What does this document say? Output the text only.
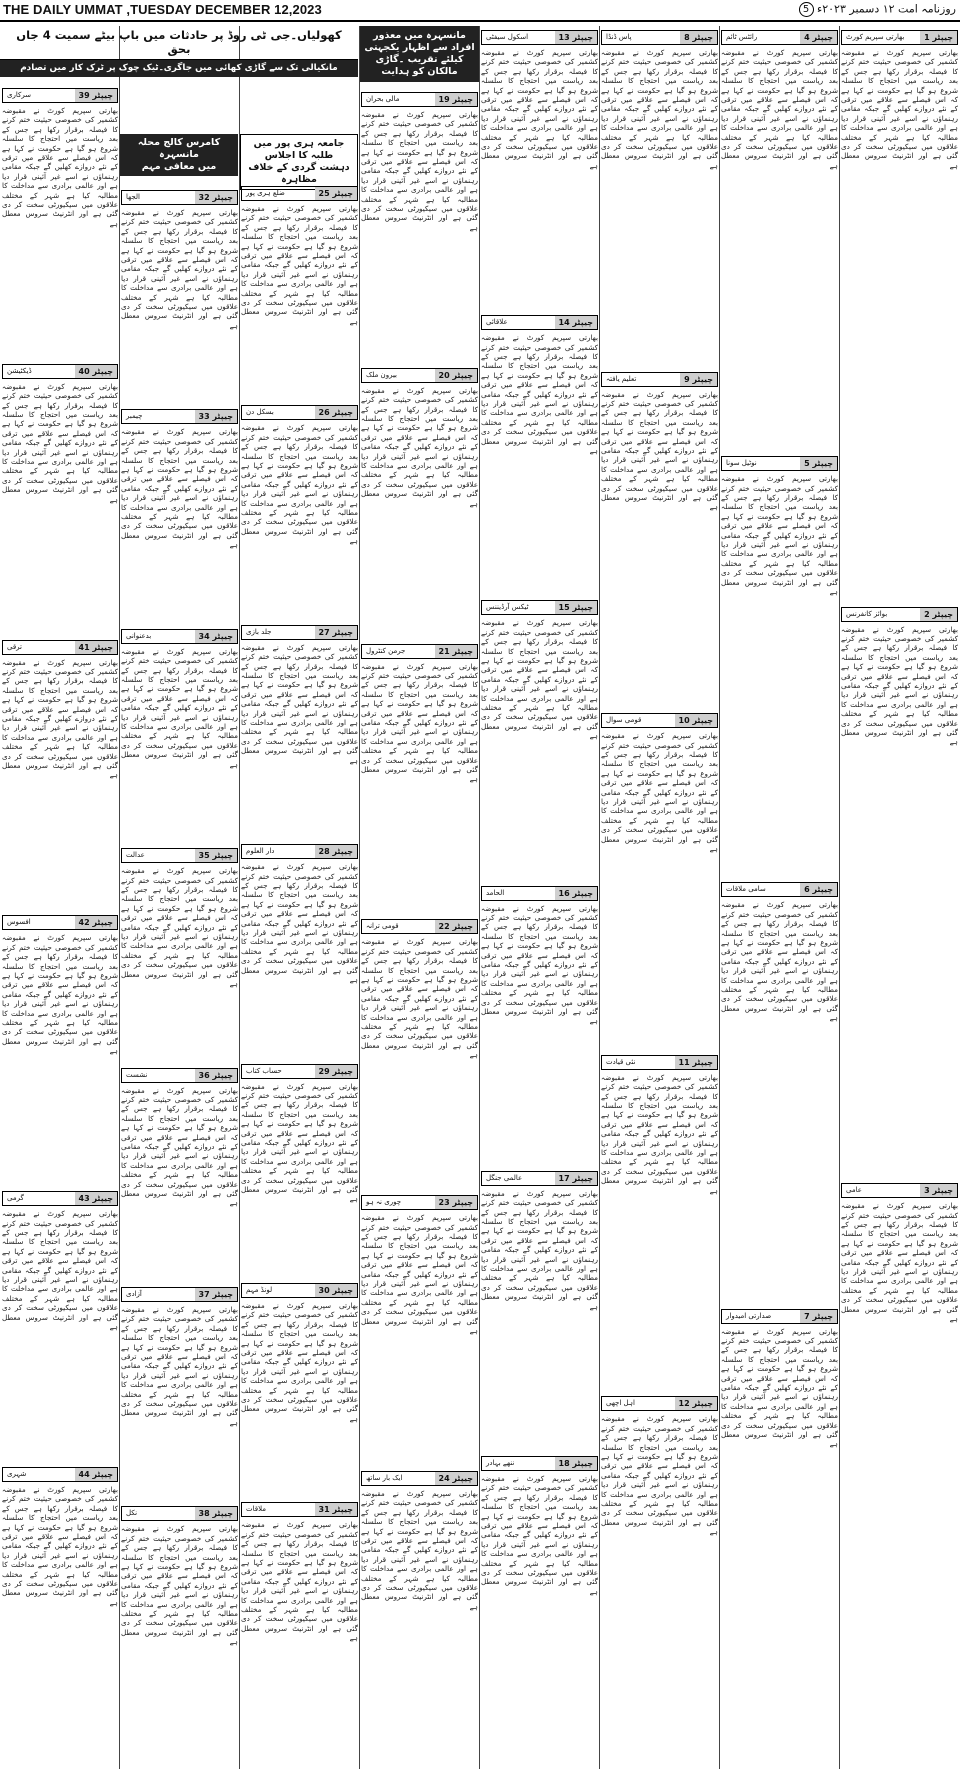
THE DAILY UMMAT ,TUESDAY DECEMBER 12,2023	روزنامہ امت ۱۲ دسمبر ۲۰۲۳ء 5
کھولیاں۔جی ٹی روڈ پر حادثات میں باپ بیٹے سمیت 4 جاں بحق
مانکیالی تک سے گاڑی کھائی میں جاگری۔ٹیک چوک پر ٹرک کار میں تصادم
مانسہرہ میں معذور افراد سے اظہار یکجہتی
کیلئے تقریب ۔گاڑی مالکان کو ہدایت
کامرس کالج محلہ مانسہرہ
میں معافی مہم
جامعہ ہری پور میں طلبہ کا اجلاس
دہشت گردی کے خلاف مظاہرہ
چیپٹر 1
بھارتی سپریم کورٹ
بھارتی سپریم کورٹ نے مقبوضہ کشمیر کی خصوصی حیثیت ختم کرنے کا فیصلہ برقرار رکھا ہے جس کے بعد ریاست میں احتجاج کا سلسلہ شروع ہو گیا ہے حکومت نے کہا ہے کہ اس فیصلے سے علاقے میں ترقی کے نئے دروازے کھلیں گے جبکہ مقامی رہنماؤں نے اسے غیر آئینی قرار دیا ہے اور عالمی برادری سے مداخلت کا مطالبہ کیا ہے شہر کے مختلف علاقوں میں سیکیورٹی سخت کر دی گئی ہے اور انٹرنیٹ سروس معطل ہے
چیپٹر 2
بوائز کانفرنس
بھارتی سپریم کورٹ نے مقبوضہ کشمیر کی خصوصی حیثیت ختم کرنے کا فیصلہ برقرار رکھا ہے جس کے بعد ریاست میں احتجاج کا سلسلہ شروع ہو گیا ہے حکومت نے کہا ہے کہ اس فیصلے سے علاقے میں ترقی کے نئے دروازے کھلیں گے جبکہ مقامی رہنماؤں نے اسے غیر آئینی قرار دیا ہے اور عالمی برادری سے مداخلت کا مطالبہ کیا ہے شہر کے مختلف علاقوں میں سیکیورٹی سخت کر دی گئی ہے اور انٹرنیٹ سروس معطل ہے
چیپٹر 3
عامی
بھارتی سپریم کورٹ نے مقبوضہ کشمیر کی خصوصی حیثیت ختم کرنے کا فیصلہ برقرار رکھا ہے جس کے بعد ریاست میں احتجاج کا سلسلہ شروع ہو گیا ہے حکومت نے کہا ہے کہ اس فیصلے سے علاقے میں ترقی کے نئے دروازے کھلیں گے جبکہ مقامی رہنماؤں نے اسے غیر آئینی قرار دیا ہے اور عالمی برادری سے مداخلت کا مطالبہ کیا ہے شہر کے مختلف علاقوں میں سیکیورٹی سخت کر دی گئی ہے اور انٹرنیٹ سروس معطل ہے
چیپٹر 4
رائٹس ٹائم
بھارتی سپریم کورٹ نے مقبوضہ کشمیر کی خصوصی حیثیت ختم کرنے کا فیصلہ برقرار رکھا ہے جس کے بعد ریاست میں احتجاج کا سلسلہ شروع ہو گیا ہے حکومت نے کہا ہے کہ اس فیصلے سے علاقے میں ترقی کے نئے دروازے کھلیں گے جبکہ مقامی رہنماؤں نے اسے غیر آئینی قرار دیا ہے اور عالمی برادری سے مداخلت کا مطالبہ کیا ہے شہر کے مختلف علاقوں میں سیکیورٹی سخت کر دی گئی ہے اور انٹرنیٹ سروس معطل ہے
چیپٹر 5
نوٹیل سونا
بھارتی سپریم کورٹ نے مقبوضہ کشمیر کی خصوصی حیثیت ختم کرنے کا فیصلہ برقرار رکھا ہے جس کے بعد ریاست میں احتجاج کا سلسلہ شروع ہو گیا ہے حکومت نے کہا ہے کہ اس فیصلے سے علاقے میں ترقی کے نئے دروازے کھلیں گے جبکہ مقامی رہنماؤں نے اسے غیر آئینی قرار دیا ہے اور عالمی برادری سے مداخلت کا مطالبہ کیا ہے شہر کے مختلف علاقوں میں سیکیورٹی سخت کر دی گئی ہے اور انٹرنیٹ سروس معطل ہے
چیپٹر 6
سامی ملاقات
بھارتی سپریم کورٹ نے مقبوضہ کشمیر کی خصوصی حیثیت ختم کرنے کا فیصلہ برقرار رکھا ہے جس کے بعد ریاست میں احتجاج کا سلسلہ شروع ہو گیا ہے حکومت نے کہا ہے کہ اس فیصلے سے علاقے میں ترقی کے نئے دروازے کھلیں گے جبکہ مقامی رہنماؤں نے اسے غیر آئینی قرار دیا ہے اور عالمی برادری سے مداخلت کا مطالبہ کیا ہے شہر کے مختلف علاقوں میں سیکیورٹی سخت کر دی گئی ہے اور انٹرنیٹ سروس معطل ہے
چیپٹر 7
صدارتی امیدوار
بھارتی سپریم کورٹ نے مقبوضہ کشمیر کی خصوصی حیثیت ختم کرنے کا فیصلہ برقرار رکھا ہے جس کے بعد ریاست میں احتجاج کا سلسلہ شروع ہو گیا ہے حکومت نے کہا ہے کہ اس فیصلے سے علاقے میں ترقی کے نئے دروازے کھلیں گے جبکہ مقامی رہنماؤں نے اسے غیر آئینی قرار دیا ہے اور عالمی برادری سے مداخلت کا مطالبہ کیا ہے شہر کے مختلف علاقوں میں سیکیورٹی سخت کر دی گئی ہے اور انٹرنیٹ سروس معطل ہے
چیپٹر 8
پاس ڈنڈا
بھارتی سپریم کورٹ نے مقبوضہ کشمیر کی خصوصی حیثیت ختم کرنے کا فیصلہ برقرار رکھا ہے جس کے بعد ریاست میں احتجاج کا سلسلہ شروع ہو گیا ہے حکومت نے کہا ہے کہ اس فیصلے سے علاقے میں ترقی کے نئے دروازے کھلیں گے جبکہ مقامی رہنماؤں نے اسے غیر آئینی قرار دیا ہے اور عالمی برادری سے مداخلت کا مطالبہ کیا ہے شہر کے مختلف علاقوں میں سیکیورٹی سخت کر دی گئی ہے اور انٹرنیٹ سروس معطل ہے
چیپٹر 9
تعلیم یافتہ
بھارتی سپریم کورٹ نے مقبوضہ کشمیر کی خصوصی حیثیت ختم کرنے کا فیصلہ برقرار رکھا ہے جس کے بعد ریاست میں احتجاج کا سلسلہ شروع ہو گیا ہے حکومت نے کہا ہے کہ اس فیصلے سے علاقے میں ترقی کے نئے دروازے کھلیں گے جبکہ مقامی رہنماؤں نے اسے غیر آئینی قرار دیا ہے اور عالمی برادری سے مداخلت کا مطالبہ کیا ہے شہر کے مختلف علاقوں میں سیکیورٹی سخت کر دی گئی ہے اور انٹرنیٹ سروس معطل ہے
چیپٹر 10
قومی سوال
بھارتی سپریم کورٹ نے مقبوضہ کشمیر کی خصوصی حیثیت ختم کرنے کا فیصلہ برقرار رکھا ہے جس کے بعد ریاست میں احتجاج کا سلسلہ شروع ہو گیا ہے حکومت نے کہا ہے کہ اس فیصلے سے علاقے میں ترقی کے نئے دروازے کھلیں گے جبکہ مقامی رہنماؤں نے اسے غیر آئینی قرار دیا ہے اور عالمی برادری سے مداخلت کا مطالبہ کیا ہے شہر کے مختلف علاقوں میں سیکیورٹی سخت کر دی گئی ہے اور انٹرنیٹ سروس معطل ہے
چیپٹر 11
نئی قیادت
بھارتی سپریم کورٹ نے مقبوضہ کشمیر کی خصوصی حیثیت ختم کرنے کا فیصلہ برقرار رکھا ہے جس کے بعد ریاست میں احتجاج کا سلسلہ شروع ہو گیا ہے حکومت نے کہا ہے کہ اس فیصلے سے علاقے میں ترقی کے نئے دروازے کھلیں گے جبکہ مقامی رہنماؤں نے اسے غیر آئینی قرار دیا ہے اور عالمی برادری سے مداخلت کا مطالبہ کیا ہے شہر کے مختلف علاقوں میں سیکیورٹی سخت کر دی گئی ہے اور انٹرنیٹ سروس معطل ہے
چیپٹر 12
اہل اچھی
بھارتی سپریم کورٹ نے مقبوضہ کشمیر کی خصوصی حیثیت ختم کرنے کا فیصلہ برقرار رکھا ہے جس کے بعد ریاست میں احتجاج کا سلسلہ شروع ہو گیا ہے حکومت نے کہا ہے کہ اس فیصلے سے علاقے میں ترقی کے نئے دروازے کھلیں گے جبکہ مقامی رہنماؤں نے اسے غیر آئینی قرار دیا ہے اور عالمی برادری سے مداخلت کا مطالبہ کیا ہے شہر کے مختلف علاقوں میں سیکیورٹی سخت کر دی گئی ہے اور انٹرنیٹ سروس معطل ہے
چیپٹر 13
اسکول سیفٹی
بھارتی سپریم کورٹ نے مقبوضہ کشمیر کی خصوصی حیثیت ختم کرنے کا فیصلہ برقرار رکھا ہے جس کے بعد ریاست میں احتجاج کا سلسلہ شروع ہو گیا ہے حکومت نے کہا ہے کہ اس فیصلے سے علاقے میں ترقی کے نئے دروازے کھلیں گے جبکہ مقامی رہنماؤں نے اسے غیر آئینی قرار دیا ہے اور عالمی برادری سے مداخلت کا مطالبہ کیا ہے شہر کے مختلف علاقوں میں سیکیورٹی سخت کر دی گئی ہے اور انٹرنیٹ سروس معطل ہے
چیپٹر 14
علاقائی
بھارتی سپریم کورٹ نے مقبوضہ کشمیر کی خصوصی حیثیت ختم کرنے کا فیصلہ برقرار رکھا ہے جس کے بعد ریاست میں احتجاج کا سلسلہ شروع ہو گیا ہے حکومت نے کہا ہے کہ اس فیصلے سے علاقے میں ترقی کے نئے دروازے کھلیں گے جبکہ مقامی رہنماؤں نے اسے غیر آئینی قرار دیا ہے اور عالمی برادری سے مداخلت کا مطالبہ کیا ہے شہر کے مختلف علاقوں میں سیکیورٹی سخت کر دی گئی ہے اور انٹرنیٹ سروس معطل ہے
چیپٹر 15
ٹیکس آرڈیننس
بھارتی سپریم کورٹ نے مقبوضہ کشمیر کی خصوصی حیثیت ختم کرنے کا فیصلہ برقرار رکھا ہے جس کے بعد ریاست میں احتجاج کا سلسلہ شروع ہو گیا ہے حکومت نے کہا ہے کہ اس فیصلے سے علاقے میں ترقی کے نئے دروازے کھلیں گے جبکہ مقامی رہنماؤں نے اسے غیر آئینی قرار دیا ہے اور عالمی برادری سے مداخلت کا مطالبہ کیا ہے شہر کے مختلف علاقوں میں سیکیورٹی سخت کر دی گئی ہے اور انٹرنیٹ سروس معطل ہے
چیپٹر 16
الحامد
بھارتی سپریم کورٹ نے مقبوضہ کشمیر کی خصوصی حیثیت ختم کرنے کا فیصلہ برقرار رکھا ہے جس کے بعد ریاست میں احتجاج کا سلسلہ شروع ہو گیا ہے حکومت نے کہا ہے کہ اس فیصلے سے علاقے میں ترقی کے نئے دروازے کھلیں گے جبکہ مقامی رہنماؤں نے اسے غیر آئینی قرار دیا ہے اور عالمی برادری سے مداخلت کا مطالبہ کیا ہے شہر کے مختلف علاقوں میں سیکیورٹی سخت کر دی گئی ہے اور انٹرنیٹ سروس معطل ہے
چیپٹر 17
عالمی جنگل
بھارتی سپریم کورٹ نے مقبوضہ کشمیر کی خصوصی حیثیت ختم کرنے کا فیصلہ برقرار رکھا ہے جس کے بعد ریاست میں احتجاج کا سلسلہ شروع ہو گیا ہے حکومت نے کہا ہے کہ اس فیصلے سے علاقے میں ترقی کے نئے دروازے کھلیں گے جبکہ مقامی رہنماؤں نے اسے غیر آئینی قرار دیا ہے اور عالمی برادری سے مداخلت کا مطالبہ کیا ہے شہر کے مختلف علاقوں میں سیکیورٹی سخت کر دی گئی ہے اور انٹرنیٹ سروس معطل ہے
چیپٹر 18
ننھے بہادر
بھارتی سپریم کورٹ نے مقبوضہ کشمیر کی خصوصی حیثیت ختم کرنے کا فیصلہ برقرار رکھا ہے جس کے بعد ریاست میں احتجاج کا سلسلہ شروع ہو گیا ہے حکومت نے کہا ہے کہ اس فیصلے سے علاقے میں ترقی کے نئے دروازے کھلیں گے جبکہ مقامی رہنماؤں نے اسے غیر آئینی قرار دیا ہے اور عالمی برادری سے مداخلت کا مطالبہ کیا ہے شہر کے مختلف علاقوں میں سیکیورٹی سخت کر دی گئی ہے اور انٹرنیٹ سروس معطل ہے
چیپٹر 19
مالی بحران
بھارتی سپریم کورٹ نے مقبوضہ کشمیر کی خصوصی حیثیت ختم کرنے کا فیصلہ برقرار رکھا ہے جس کے بعد ریاست میں احتجاج کا سلسلہ شروع ہو گیا ہے حکومت نے کہا ہے کہ اس فیصلے سے علاقے میں ترقی کے نئے دروازے کھلیں گے جبکہ مقامی رہنماؤں نے اسے غیر آئینی قرار دیا ہے اور عالمی برادری سے مداخلت کا مطالبہ کیا ہے شہر کے مختلف علاقوں میں سیکیورٹی سخت کر دی گئی ہے اور انٹرنیٹ سروس معطل ہے
چیپٹر 20
بیرون ملک
بھارتی سپریم کورٹ نے مقبوضہ کشمیر کی خصوصی حیثیت ختم کرنے کا فیصلہ برقرار رکھا ہے جس کے بعد ریاست میں احتجاج کا سلسلہ شروع ہو گیا ہے حکومت نے کہا ہے کہ اس فیصلے سے علاقے میں ترقی کے نئے دروازے کھلیں گے جبکہ مقامی رہنماؤں نے اسے غیر آئینی قرار دیا ہے اور عالمی برادری سے مداخلت کا مطالبہ کیا ہے شہر کے مختلف علاقوں میں سیکیورٹی سخت کر دی گئی ہے اور انٹرنیٹ سروس معطل ہے
چیپٹر 21
جرمن کنٹرول
بھارتی سپریم کورٹ نے مقبوضہ کشمیر کی خصوصی حیثیت ختم کرنے کا فیصلہ برقرار رکھا ہے جس کے بعد ریاست میں احتجاج کا سلسلہ شروع ہو گیا ہے حکومت نے کہا ہے کہ اس فیصلے سے علاقے میں ترقی کے نئے دروازے کھلیں گے جبکہ مقامی رہنماؤں نے اسے غیر آئینی قرار دیا ہے اور عالمی برادری سے مداخلت کا مطالبہ کیا ہے شہر کے مختلف علاقوں میں سیکیورٹی سخت کر دی گئی ہے اور انٹرنیٹ سروس معطل ہے
چیپٹر 22
قومی ترانہ
بھارتی سپریم کورٹ نے مقبوضہ کشمیر کی خصوصی حیثیت ختم کرنے کا فیصلہ برقرار رکھا ہے جس کے بعد ریاست میں احتجاج کا سلسلہ شروع ہو گیا ہے حکومت نے کہا ہے کہ اس فیصلے سے علاقے میں ترقی کے نئے دروازے کھلیں گے جبکہ مقامی رہنماؤں نے اسے غیر آئینی قرار دیا ہے اور عالمی برادری سے مداخلت کا مطالبہ کیا ہے شہر کے مختلف علاقوں میں سیکیورٹی سخت کر دی گئی ہے اور انٹرنیٹ سروس معطل ہے
چیپٹر 23
چوری نہ ہو
بھارتی سپریم کورٹ نے مقبوضہ کشمیر کی خصوصی حیثیت ختم کرنے کا فیصلہ برقرار رکھا ہے جس کے بعد ریاست میں احتجاج کا سلسلہ شروع ہو گیا ہے حکومت نے کہا ہے کہ اس فیصلے سے علاقے میں ترقی کے نئے دروازے کھلیں گے جبکہ مقامی رہنماؤں نے اسے غیر آئینی قرار دیا ہے اور عالمی برادری سے مداخلت کا مطالبہ کیا ہے شہر کے مختلف علاقوں میں سیکیورٹی سخت کر دی گئی ہے اور انٹرنیٹ سروس معطل ہے
چیپٹر 24
ایک بار ساتھ
بھارتی سپریم کورٹ نے مقبوضہ کشمیر کی خصوصی حیثیت ختم کرنے کا فیصلہ برقرار رکھا ہے جس کے بعد ریاست میں احتجاج کا سلسلہ شروع ہو گیا ہے حکومت نے کہا ہے کہ اس فیصلے سے علاقے میں ترقی کے نئے دروازے کھلیں گے جبکہ مقامی رہنماؤں نے اسے غیر آئینی قرار دیا ہے اور عالمی برادری سے مداخلت کا مطالبہ کیا ہے شہر کے مختلف علاقوں میں سیکیورٹی سخت کر دی گئی ہے اور انٹرنیٹ سروس معطل ہے
چیپٹر 25
ضلع ہری پور
بھارتی سپریم کورٹ نے مقبوضہ کشمیر کی خصوصی حیثیت ختم کرنے کا فیصلہ برقرار رکھا ہے جس کے بعد ریاست میں احتجاج کا سلسلہ شروع ہو گیا ہے حکومت نے کہا ہے کہ اس فیصلے سے علاقے میں ترقی کے نئے دروازے کھلیں گے جبکہ مقامی رہنماؤں نے اسے غیر آئینی قرار دیا ہے اور عالمی برادری سے مداخلت کا مطالبہ کیا ہے شہر کے مختلف علاقوں میں سیکیورٹی سخت کر دی گئی ہے اور انٹرنیٹ سروس معطل ہے
چیپٹر 26
بسکل دن
بھارتی سپریم کورٹ نے مقبوضہ کشمیر کی خصوصی حیثیت ختم کرنے کا فیصلہ برقرار رکھا ہے جس کے بعد ریاست میں احتجاج کا سلسلہ شروع ہو گیا ہے حکومت نے کہا ہے کہ اس فیصلے سے علاقے میں ترقی کے نئے دروازے کھلیں گے جبکہ مقامی رہنماؤں نے اسے غیر آئینی قرار دیا ہے اور عالمی برادری سے مداخلت کا مطالبہ کیا ہے شہر کے مختلف علاقوں میں سیکیورٹی سخت کر دی گئی ہے اور انٹرنیٹ سروس معطل ہے
چیپٹر 27
جلد بازی
بھارتی سپریم کورٹ نے مقبوضہ کشمیر کی خصوصی حیثیت ختم کرنے کا فیصلہ برقرار رکھا ہے جس کے بعد ریاست میں احتجاج کا سلسلہ شروع ہو گیا ہے حکومت نے کہا ہے کہ اس فیصلے سے علاقے میں ترقی کے نئے دروازے کھلیں گے جبکہ مقامی رہنماؤں نے اسے غیر آئینی قرار دیا ہے اور عالمی برادری سے مداخلت کا مطالبہ کیا ہے شہر کے مختلف علاقوں میں سیکیورٹی سخت کر دی گئی ہے اور انٹرنیٹ سروس معطل ہے
چیپٹر 28
دار العلوم
بھارتی سپریم کورٹ نے مقبوضہ کشمیر کی خصوصی حیثیت ختم کرنے کا فیصلہ برقرار رکھا ہے جس کے بعد ریاست میں احتجاج کا سلسلہ شروع ہو گیا ہے حکومت نے کہا ہے کہ اس فیصلے سے علاقے میں ترقی کے نئے دروازے کھلیں گے جبکہ مقامی رہنماؤں نے اسے غیر آئینی قرار دیا ہے اور عالمی برادری سے مداخلت کا مطالبہ کیا ہے شہر کے مختلف علاقوں میں سیکیورٹی سخت کر دی گئی ہے اور انٹرنیٹ سروس معطل ہے
چیپٹر 29
حساب کتاب
بھارتی سپریم کورٹ نے مقبوضہ کشمیر کی خصوصی حیثیت ختم کرنے کا فیصلہ برقرار رکھا ہے جس کے بعد ریاست میں احتجاج کا سلسلہ شروع ہو گیا ہے حکومت نے کہا ہے کہ اس فیصلے سے علاقے میں ترقی کے نئے دروازے کھلیں گے جبکہ مقامی رہنماؤں نے اسے غیر آئینی قرار دیا ہے اور عالمی برادری سے مداخلت کا مطالبہ کیا ہے شہر کے مختلف علاقوں میں سیکیورٹی سخت کر دی گئی ہے اور انٹرنیٹ سروس معطل ہے
چیپٹر 30
لونڈ مہم
بھارتی سپریم کورٹ نے مقبوضہ کشمیر کی خصوصی حیثیت ختم کرنے کا فیصلہ برقرار رکھا ہے جس کے بعد ریاست میں احتجاج کا سلسلہ شروع ہو گیا ہے حکومت نے کہا ہے کہ اس فیصلے سے علاقے میں ترقی کے نئے دروازے کھلیں گے جبکہ مقامی رہنماؤں نے اسے غیر آئینی قرار دیا ہے اور عالمی برادری سے مداخلت کا مطالبہ کیا ہے شہر کے مختلف علاقوں میں سیکیورٹی سخت کر دی گئی ہے اور انٹرنیٹ سروس معطل ہے
چیپٹر 31
ملاقات
بھارتی سپریم کورٹ نے مقبوضہ کشمیر کی خصوصی حیثیت ختم کرنے کا فیصلہ برقرار رکھا ہے جس کے بعد ریاست میں احتجاج کا سلسلہ شروع ہو گیا ہے حکومت نے کہا ہے کہ اس فیصلے سے علاقے میں ترقی کے نئے دروازے کھلیں گے جبکہ مقامی رہنماؤں نے اسے غیر آئینی قرار دیا ہے اور عالمی برادری سے مداخلت کا مطالبہ کیا ہے شہر کے مختلف علاقوں میں سیکیورٹی سخت کر دی گئی ہے اور انٹرنیٹ سروس معطل ہے
چیپٹر 32
الجھا
بھارتی سپریم کورٹ نے مقبوضہ کشمیر کی خصوصی حیثیت ختم کرنے کا فیصلہ برقرار رکھا ہے جس کے بعد ریاست میں احتجاج کا سلسلہ شروع ہو گیا ہے حکومت نے کہا ہے کہ اس فیصلے سے علاقے میں ترقی کے نئے دروازے کھلیں گے جبکہ مقامی رہنماؤں نے اسے غیر آئینی قرار دیا ہے اور عالمی برادری سے مداخلت کا مطالبہ کیا ہے شہر کے مختلف علاقوں میں سیکیورٹی سخت کر دی گئی ہے اور انٹرنیٹ سروس معطل ہے
چیپٹر 33
چیمبر
بھارتی سپریم کورٹ نے مقبوضہ کشمیر کی خصوصی حیثیت ختم کرنے کا فیصلہ برقرار رکھا ہے جس کے بعد ریاست میں احتجاج کا سلسلہ شروع ہو گیا ہے حکومت نے کہا ہے کہ اس فیصلے سے علاقے میں ترقی کے نئے دروازے کھلیں گے جبکہ مقامی رہنماؤں نے اسے غیر آئینی قرار دیا ہے اور عالمی برادری سے مداخلت کا مطالبہ کیا ہے شہر کے مختلف علاقوں میں سیکیورٹی سخت کر دی گئی ہے اور انٹرنیٹ سروس معطل ہے
چیپٹر 34
بدعنوانی
بھارتی سپریم کورٹ نے مقبوضہ کشمیر کی خصوصی حیثیت ختم کرنے کا فیصلہ برقرار رکھا ہے جس کے بعد ریاست میں احتجاج کا سلسلہ شروع ہو گیا ہے حکومت نے کہا ہے کہ اس فیصلے سے علاقے میں ترقی کے نئے دروازے کھلیں گے جبکہ مقامی رہنماؤں نے اسے غیر آئینی قرار دیا ہے اور عالمی برادری سے مداخلت کا مطالبہ کیا ہے شہر کے مختلف علاقوں میں سیکیورٹی سخت کر دی گئی ہے اور انٹرنیٹ سروس معطل ہے
چیپٹر 35
عدالت
بھارتی سپریم کورٹ نے مقبوضہ کشمیر کی خصوصی حیثیت ختم کرنے کا فیصلہ برقرار رکھا ہے جس کے بعد ریاست میں احتجاج کا سلسلہ شروع ہو گیا ہے حکومت نے کہا ہے کہ اس فیصلے سے علاقے میں ترقی کے نئے دروازے کھلیں گے جبکہ مقامی رہنماؤں نے اسے غیر آئینی قرار دیا ہے اور عالمی برادری سے مداخلت کا مطالبہ کیا ہے شہر کے مختلف علاقوں میں سیکیورٹی سخت کر دی گئی ہے اور انٹرنیٹ سروس معطل ہے
چیپٹر 36
نشست
بھارتی سپریم کورٹ نے مقبوضہ کشمیر کی خصوصی حیثیت ختم کرنے کا فیصلہ برقرار رکھا ہے جس کے بعد ریاست میں احتجاج کا سلسلہ شروع ہو گیا ہے حکومت نے کہا ہے کہ اس فیصلے سے علاقے میں ترقی کے نئے دروازے کھلیں گے جبکہ مقامی رہنماؤں نے اسے غیر آئینی قرار دیا ہے اور عالمی برادری سے مداخلت کا مطالبہ کیا ہے شہر کے مختلف علاقوں میں سیکیورٹی سخت کر دی گئی ہے اور انٹرنیٹ سروس معطل ہے
چیپٹر 37
آزادی
بھارتی سپریم کورٹ نے مقبوضہ کشمیر کی خصوصی حیثیت ختم کرنے کا فیصلہ برقرار رکھا ہے جس کے بعد ریاست میں احتجاج کا سلسلہ شروع ہو گیا ہے حکومت نے کہا ہے کہ اس فیصلے سے علاقے میں ترقی کے نئے دروازے کھلیں گے جبکہ مقامی رہنماؤں نے اسے غیر آئینی قرار دیا ہے اور عالمی برادری سے مداخلت کا مطالبہ کیا ہے شہر کے مختلف علاقوں میں سیکیورٹی سخت کر دی گئی ہے اور انٹرنیٹ سروس معطل ہے
چیپٹر 38
نکل
بھارتی سپریم کورٹ نے مقبوضہ کشمیر کی خصوصی حیثیت ختم کرنے کا فیصلہ برقرار رکھا ہے جس کے بعد ریاست میں احتجاج کا سلسلہ شروع ہو گیا ہے حکومت نے کہا ہے کہ اس فیصلے سے علاقے میں ترقی کے نئے دروازے کھلیں گے جبکہ مقامی رہنماؤں نے اسے غیر آئینی قرار دیا ہے اور عالمی برادری سے مداخلت کا مطالبہ کیا ہے شہر کے مختلف علاقوں میں سیکیورٹی سخت کر دی گئی ہے اور انٹرنیٹ سروس معطل ہے
چیپٹر 39
سرکاری
بھارتی سپریم کورٹ نے مقبوضہ کشمیر کی خصوصی حیثیت ختم کرنے کا فیصلہ برقرار رکھا ہے جس کے بعد ریاست میں احتجاج کا سلسلہ شروع ہو گیا ہے حکومت نے کہا ہے کہ اس فیصلے سے علاقے میں ترقی کے نئے دروازے کھلیں گے جبکہ مقامی رہنماؤں نے اسے غیر آئینی قرار دیا ہے اور عالمی برادری سے مداخلت کا مطالبہ کیا ہے شہر کے مختلف علاقوں میں سیکیورٹی سخت کر دی گئی ہے اور انٹرنیٹ سروس معطل ہے
چیپٹر 40
ڈیکٹیشن
بھارتی سپریم کورٹ نے مقبوضہ کشمیر کی خصوصی حیثیت ختم کرنے کا فیصلہ برقرار رکھا ہے جس کے بعد ریاست میں احتجاج کا سلسلہ شروع ہو گیا ہے حکومت نے کہا ہے کہ اس فیصلے سے علاقے میں ترقی کے نئے دروازے کھلیں گے جبکہ مقامی رہنماؤں نے اسے غیر آئینی قرار دیا ہے اور عالمی برادری سے مداخلت کا مطالبہ کیا ہے شہر کے مختلف علاقوں میں سیکیورٹی سخت کر دی گئی ہے اور انٹرنیٹ سروس معطل ہے
چیپٹر 41
ترقی
بھارتی سپریم کورٹ نے مقبوضہ کشمیر کی خصوصی حیثیت ختم کرنے کا فیصلہ برقرار رکھا ہے جس کے بعد ریاست میں احتجاج کا سلسلہ شروع ہو گیا ہے حکومت نے کہا ہے کہ اس فیصلے سے علاقے میں ترقی کے نئے دروازے کھلیں گے جبکہ مقامی رہنماؤں نے اسے غیر آئینی قرار دیا ہے اور عالمی برادری سے مداخلت کا مطالبہ کیا ہے شہر کے مختلف علاقوں میں سیکیورٹی سخت کر دی گئی ہے اور انٹرنیٹ سروس معطل ہے
چیپٹر 42
افسوس
بھارتی سپریم کورٹ نے مقبوضہ کشمیر کی خصوصی حیثیت ختم کرنے کا فیصلہ برقرار رکھا ہے جس کے بعد ریاست میں احتجاج کا سلسلہ شروع ہو گیا ہے حکومت نے کہا ہے کہ اس فیصلے سے علاقے میں ترقی کے نئے دروازے کھلیں گے جبکہ مقامی رہنماؤں نے اسے غیر آئینی قرار دیا ہے اور عالمی برادری سے مداخلت کا مطالبہ کیا ہے شہر کے مختلف علاقوں میں سیکیورٹی سخت کر دی گئی ہے اور انٹرنیٹ سروس معطل ہے
چیپٹر 43
گرمی
بھارتی سپریم کورٹ نے مقبوضہ کشمیر کی خصوصی حیثیت ختم کرنے کا فیصلہ برقرار رکھا ہے جس کے بعد ریاست میں احتجاج کا سلسلہ شروع ہو گیا ہے حکومت نے کہا ہے کہ اس فیصلے سے علاقے میں ترقی کے نئے دروازے کھلیں گے جبکہ مقامی رہنماؤں نے اسے غیر آئینی قرار دیا ہے اور عالمی برادری سے مداخلت کا مطالبہ کیا ہے شہر کے مختلف علاقوں میں سیکیورٹی سخت کر دی گئی ہے اور انٹرنیٹ سروس معطل ہے
چیپٹر 44
شہری
بھارتی سپریم کورٹ نے مقبوضہ کشمیر کی خصوصی حیثیت ختم کرنے کا فیصلہ برقرار رکھا ہے جس کے بعد ریاست میں احتجاج کا سلسلہ شروع ہو گیا ہے حکومت نے کہا ہے کہ اس فیصلے سے علاقے میں ترقی کے نئے دروازے کھلیں گے جبکہ مقامی رہنماؤں نے اسے غیر آئینی قرار دیا ہے اور عالمی برادری سے مداخلت کا مطالبہ کیا ہے شہر کے مختلف علاقوں میں سیکیورٹی سخت کر دی گئی ہے اور انٹرنیٹ سروس معطل ہے
